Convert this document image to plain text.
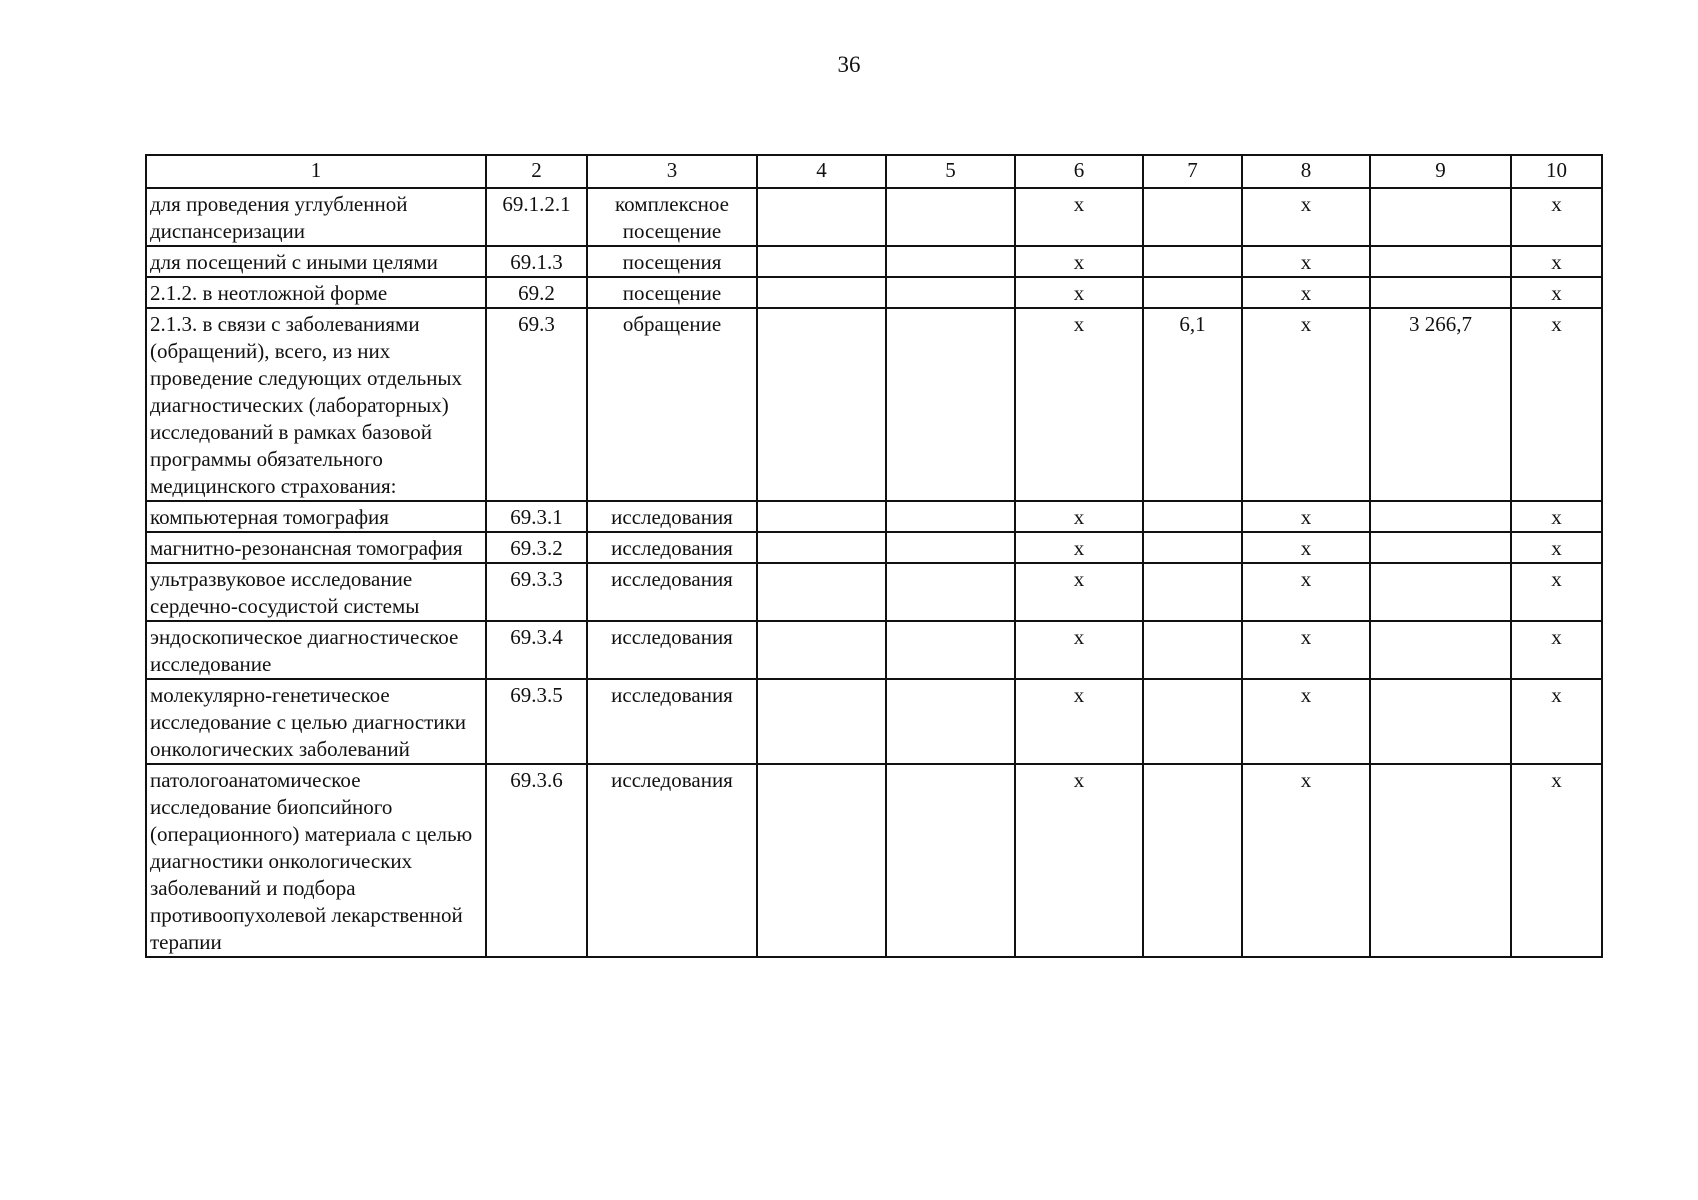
36
1	2	3	4	5	6	7	8	9	10
для проведения углубленной диспансеризации	69.1.2.1	комплексное посещение			х		х		х
для посещений с иными целями	69.1.3	посещения			х		х		х
2.1.2. в неотложной форме	69.2	посещение			х		х		х
2.1.3. в связи с заболеваниями (обращений), всего, из них проведение следующих отдельных диагностических (лабораторных) исследований в рамках базовой программы обязательного медицинского страхования:	69.3	обращение			х	6,1	х	3 266,7	х
компьютерная томография	69.3.1	исследования			х		х		х
магнитно-резонансная томография	69.3.2	исследования			х		х		х
ультразвуковое исследование сердечно-сосудистой системы	69.3.3	исследования			х		х		х
эндоскопическое диагностическое исследование	69.3.4	исследования			х		х		х
молекулярно-генетическое исследование с целью диагностики онкологических заболеваний	69.3.5	исследования			х		х		х
патологоанатомическое исследование биопсийного (операционного) материала с целью диагностики онкологических заболеваний и подбора противоопухолевой лекарственной терапии	69.3.6	исследования			х		х		х
